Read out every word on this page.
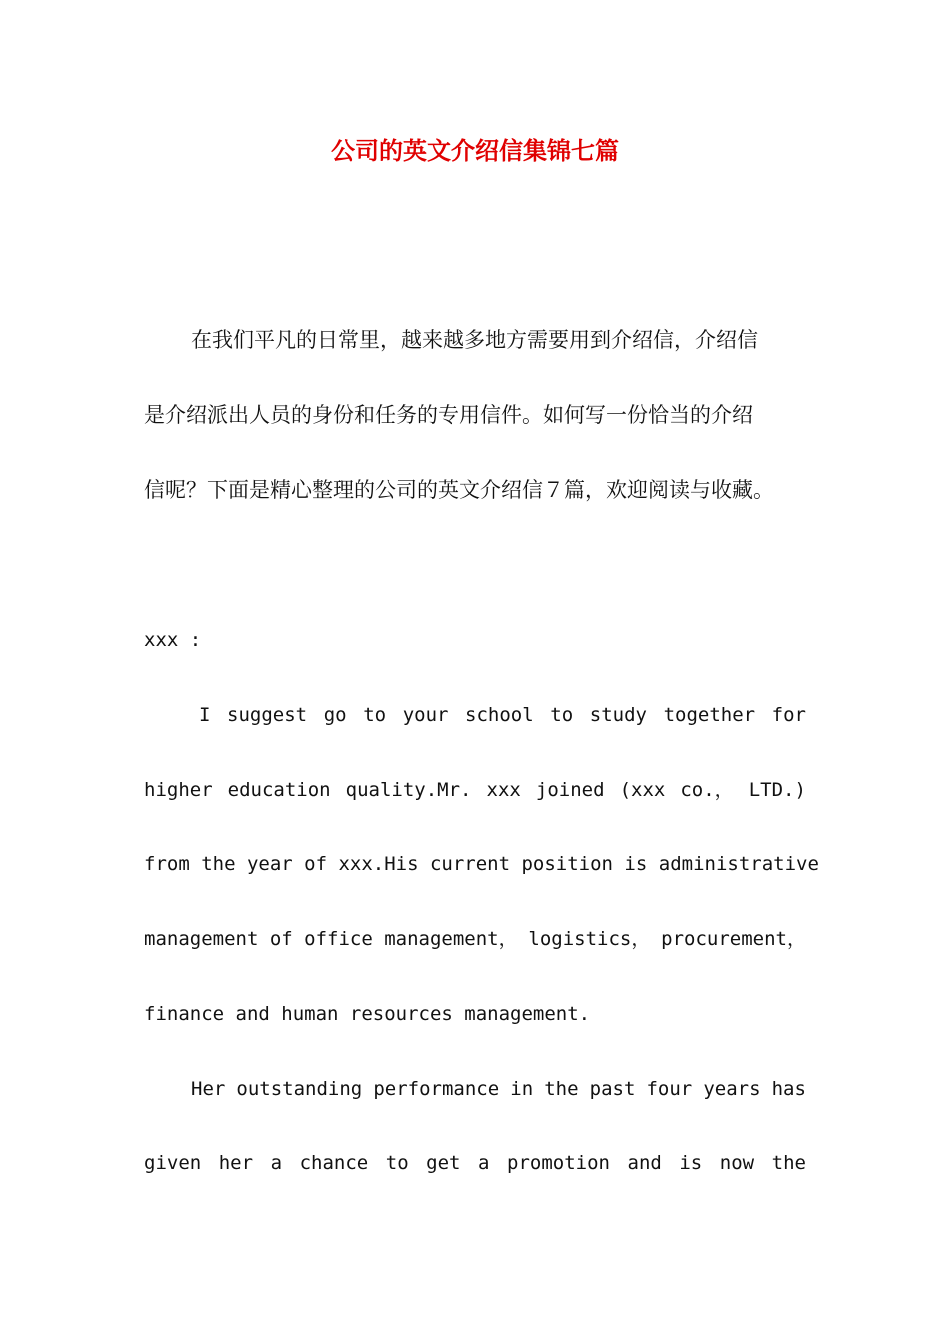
公司的英文介绍信集锦七篇

在我们平凡的日常里，越来越多地方需要用到介绍信，介绍信

是介绍派出人员的身份和任务的专用信件。如何写一份恰当的介绍

信呢？下面是精心整理的公司的英文介绍信７篇，欢迎阅读与收藏。

xxx :

I suggest go to your school to study together for
higher education quality.Mr. xxx joined (xxx co.， LTD.)

from the year of xxx.His current position is administrative

management of office management， logistics， procurement，

finance and human resources management.

Her outstanding performance in the past four years has
given her a chance to get a promotion and is now the
